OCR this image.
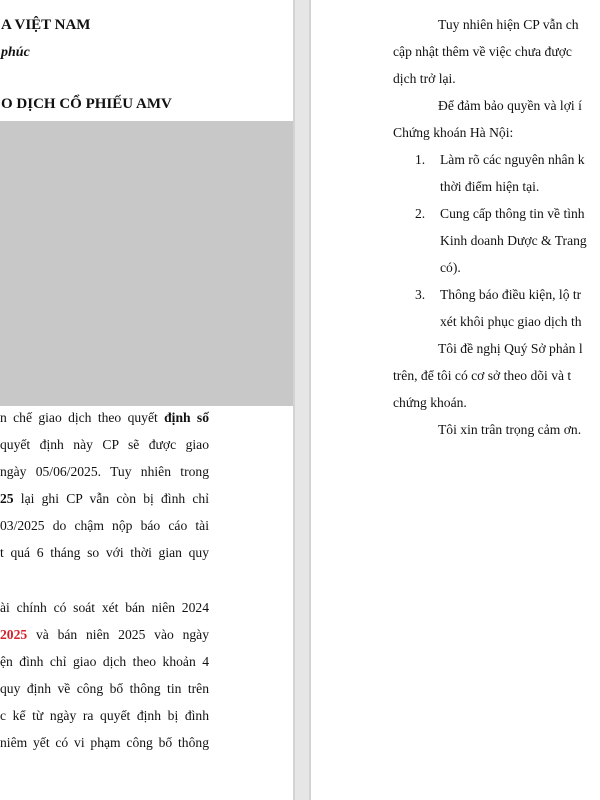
A VIỆT NAM
phúc
O DỊCH CỔ PHIẾU AMV
n chế giao dịch theo quyết định số
quyết định này CP sẽ được giao
ngày 05/06/2025. Tuy nhiên trong
25 lại ghi CP vẫn còn bị đình chỉ
03/2025 do chậm nộp báo cáo tài
t quá 6 tháng so với thời gian quy
ài chính có soát xét bán niên 2024
2025 và bán niên 2025 vào ngày
ện đình chỉ giao dịch theo khoản 4
quy định về công bố thông tin trên
c kể từ ngày ra quyết định bị đình
niêm yết có vi phạm công bố thông
Tuy nhiên hiện CP vẫn ch
cập nhật thêm về việc chưa được
dịch trở lại.
Để đảm bảo quyền và lợi í
Chứng khoán Hà Nội:
1. Làm rõ các nguyên nhân k
thời điểm hiện tại.
2. Cung cấp thông tin về tình
Kinh doanh Dược & Trang
có).
3. Thông báo điều kiện, lộ tr
xét khôi phục giao dịch th
Tôi đề nghị Quý Sở phản l
trên, để tôi có cơ sở theo dõi và t
chứng khoán.
Tôi xin trân trọng cảm ơn.
